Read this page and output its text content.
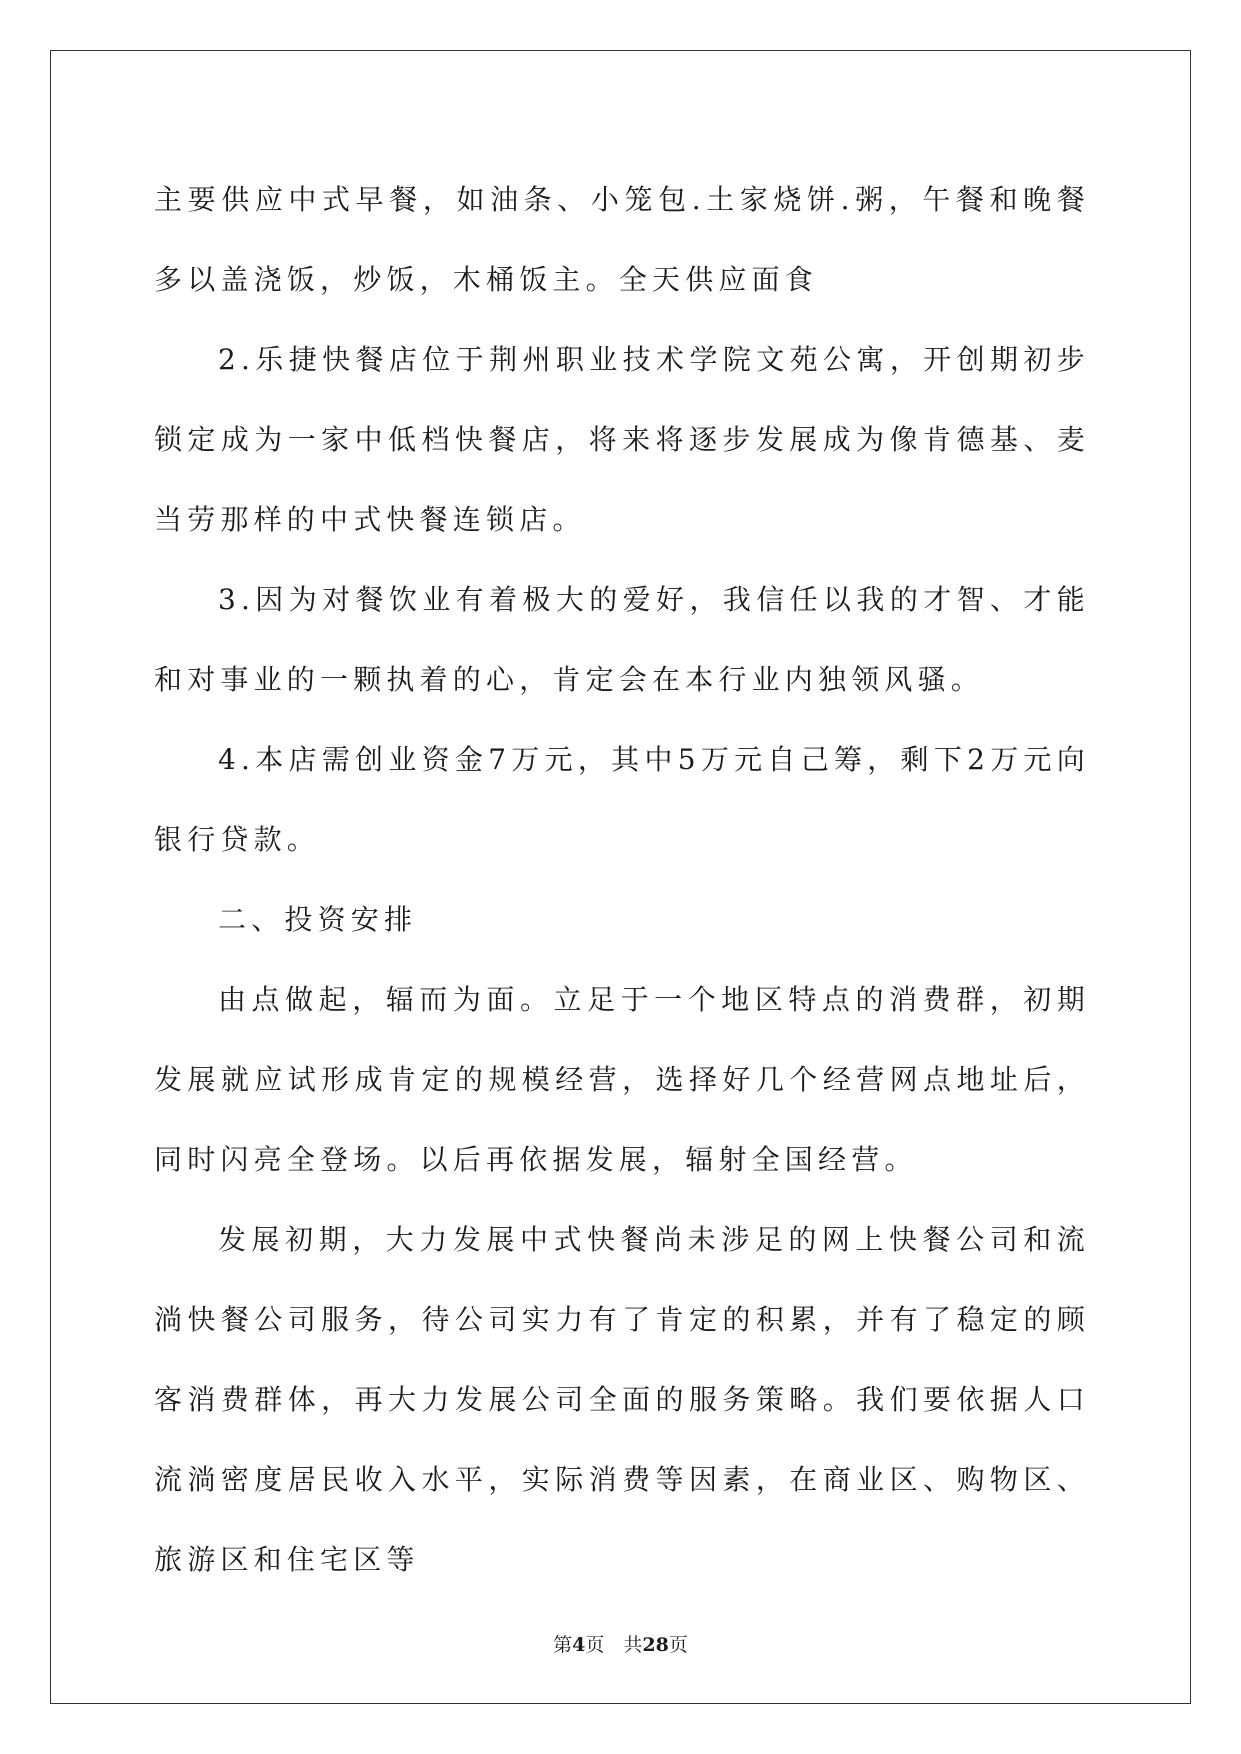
主要供应中式早餐，如油条、小笼包.土家烧饼.粥，午餐和晚餐多以盖浇饭，炒饭，木桶饭主。全天供应面食

2.乐捷快餐店位于荆州职业技术学院文苑公寓，开创期初步锁定成为一家中低档快餐店，将来将逐步发展成为像肯德基、麦当劳那样的中式快餐连锁店。

3.因为对餐饮业有着极大的爱好，我信任以我的才智、才能和对事业的一颗执着的心，肯定会在本行业内独领风骚。

4.本店需创业资金7万元，其中5万元自己筹，剩下2万元向银行贷款。

二、投资安排

由点做起，辐而为面。立足于一个地区特点的消费群，初期发展就应试形成肯定的规模经营，选择好几个经营网点地址后，同时闪亮全登场。以后再依据发展，辐射全国经营。

发展初期，大力发展中式快餐尚未涉足的网上快餐公司和流淌快餐公司服务，待公司实力有了肯定的积累，并有了稳定的顾客消费群体，再大力发展公司全面的服务策略。我们要依据人口流淌密度居民收入水平，实际消费等因素，在商业区、购物区、旅游区和住宅区等

第4页　 共28页
